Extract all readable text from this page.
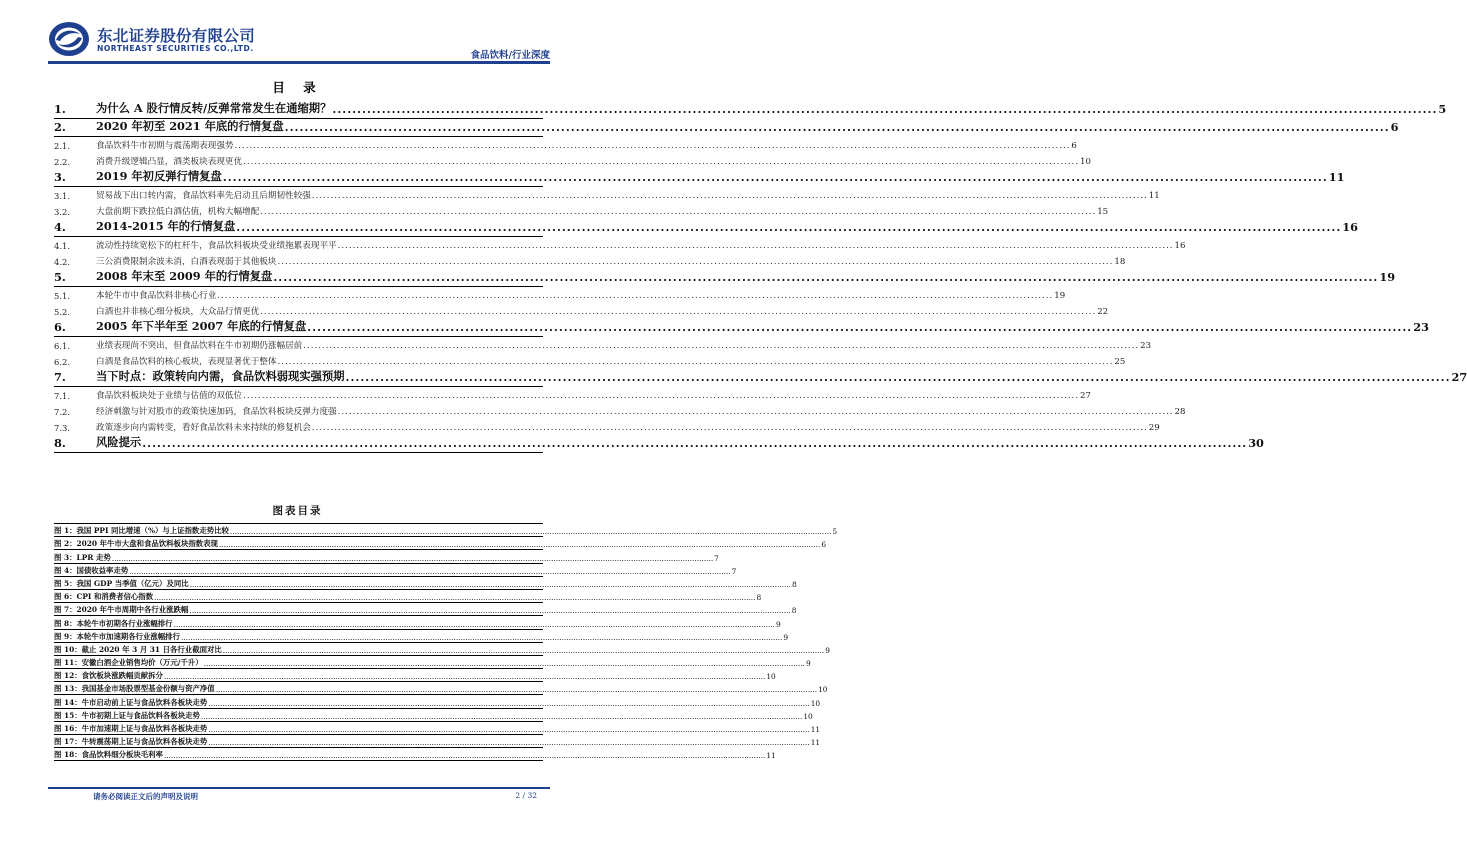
东北证券股份有限公司
NORTHEAST SECURITIES CO.,LTD.
食品饮料/行业深度
目 录
1.	为什么 A 股行情反转/反弹常常发生在通缩期？ .....	5
2.	2020 年初至 2021 年底的行情复盘 .....	6
2.1.	食品饮料牛市初期与震荡期表现强势 .....	6
2.2.	消费升级逻辑凸显，酒类板块表现更优 .....	10
3.	2019 年初反弹行情复盘 .....	11
3.1.	贸易战下出口转内需，食品饮料率先启动且后期韧性较强 .....	11
3.2.	大盘前期下跌拉低白酒估值，机构大幅增配 .....	15
4.	2014-2015 年的行情复盘 .....	16
4.1.	流动性持续宽松下的杠杆牛，食品饮料板块受业绩拖累表现平平 .....	16
4.2.	三公消费限制余波未消，白酒表现弱于其他板块 .....	18
5.	2008 年末至 2009 年的行情复盘 .....	19
5.1.	本轮牛市中食品饮料非核心行业 .....	19
5.2.	白酒也并非核心细分板块，大众品行情更优 .....	22
6.	2005 年下半年至 2007 年底的行情复盘 .....	23
6.1.	业绩表现尚不突出，但食品饮料在牛市初期仍涨幅居前 .....	23
6.2.	白酒是食品饮料的核心板块，表现显著优于整体 .....	25
7.	当下时点：政策转向内需，食品饮料弱现实强预期 .....	27
7.1.	食品饮料板块处于业绩与估值的双低位 .....	27
7.2.	经济刺激与针对股市的政策快速加码，食品饮料板块反弹力度强 .....	28
7.3.	政策逐步向内需转变，看好食品饮料未来持续的修复机会 .....	29
8.	风险提示 .....	30
图表目录
图 1：我国 PPI 同比增速（%）与上证指数走势比较 .....	5
图 2：2020 年牛市大盘和食品饮料板块指数表现 .....	6
图 3：LPR 走势 .....	7
图 4：国债收益率走势 .....	7
图 5：我国 GDP 当季值（亿元）及同比 .....	8
图 6：CPI 和消费者信心指数 .....	8
图 7：2020 年牛市周期中各行业涨跌幅 .....	8
图 8：本轮牛市初期各行业涨幅排行 .....	9
图 9：本轮牛市加速期各行业涨幅排行 .....	9
图 10：截止 2020 年 3 月 31 日各行业截面对比 .....	9
图 11：安徽白酒企业销售均价（万元/千升） .....	9
图 12：食饮板块涨跌幅贡献拆分 .....	10
图 13：我国基金市场股票型基金份额与资产净值 .....	10
图 14：牛市启动前上证与食品饮料各板块走势 .....	10
图 15：牛市初期上证与食品饮料各板块走势 .....	10
图 16：牛市加速期上证与食品饮料各板块走势 .....	11
图 17：牛转震荡期上证与食品饮料各板块走势 .....	11
图 18：食品饮料细分板块毛利率 .....	11
请务必阅读正文后的声明及说明	2 / 32
